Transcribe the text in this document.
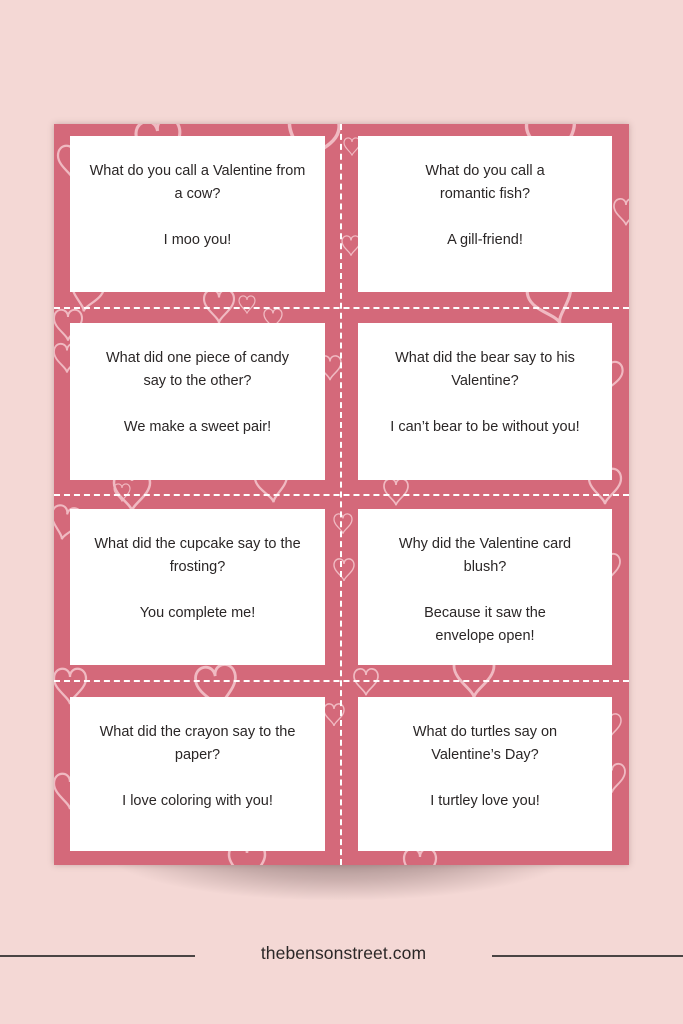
What do you call a Valentine from a cow?
I moo you!
What do you call a romantic fish?
A gill-friend!
What did one piece of candy say to the other?
We make a sweet pair!
What did the bear say to his Valentine?
I can’t bear to be without you!
What did the cupcake say to the frosting?
You complete me!
Why did the Valentine card blush?
Because it saw the envelope open!
What did the crayon say to the paper?
I love coloring with you!
What do turtles say on Valentine’s Day?
I turtley love you!
thebensonstreet.com
